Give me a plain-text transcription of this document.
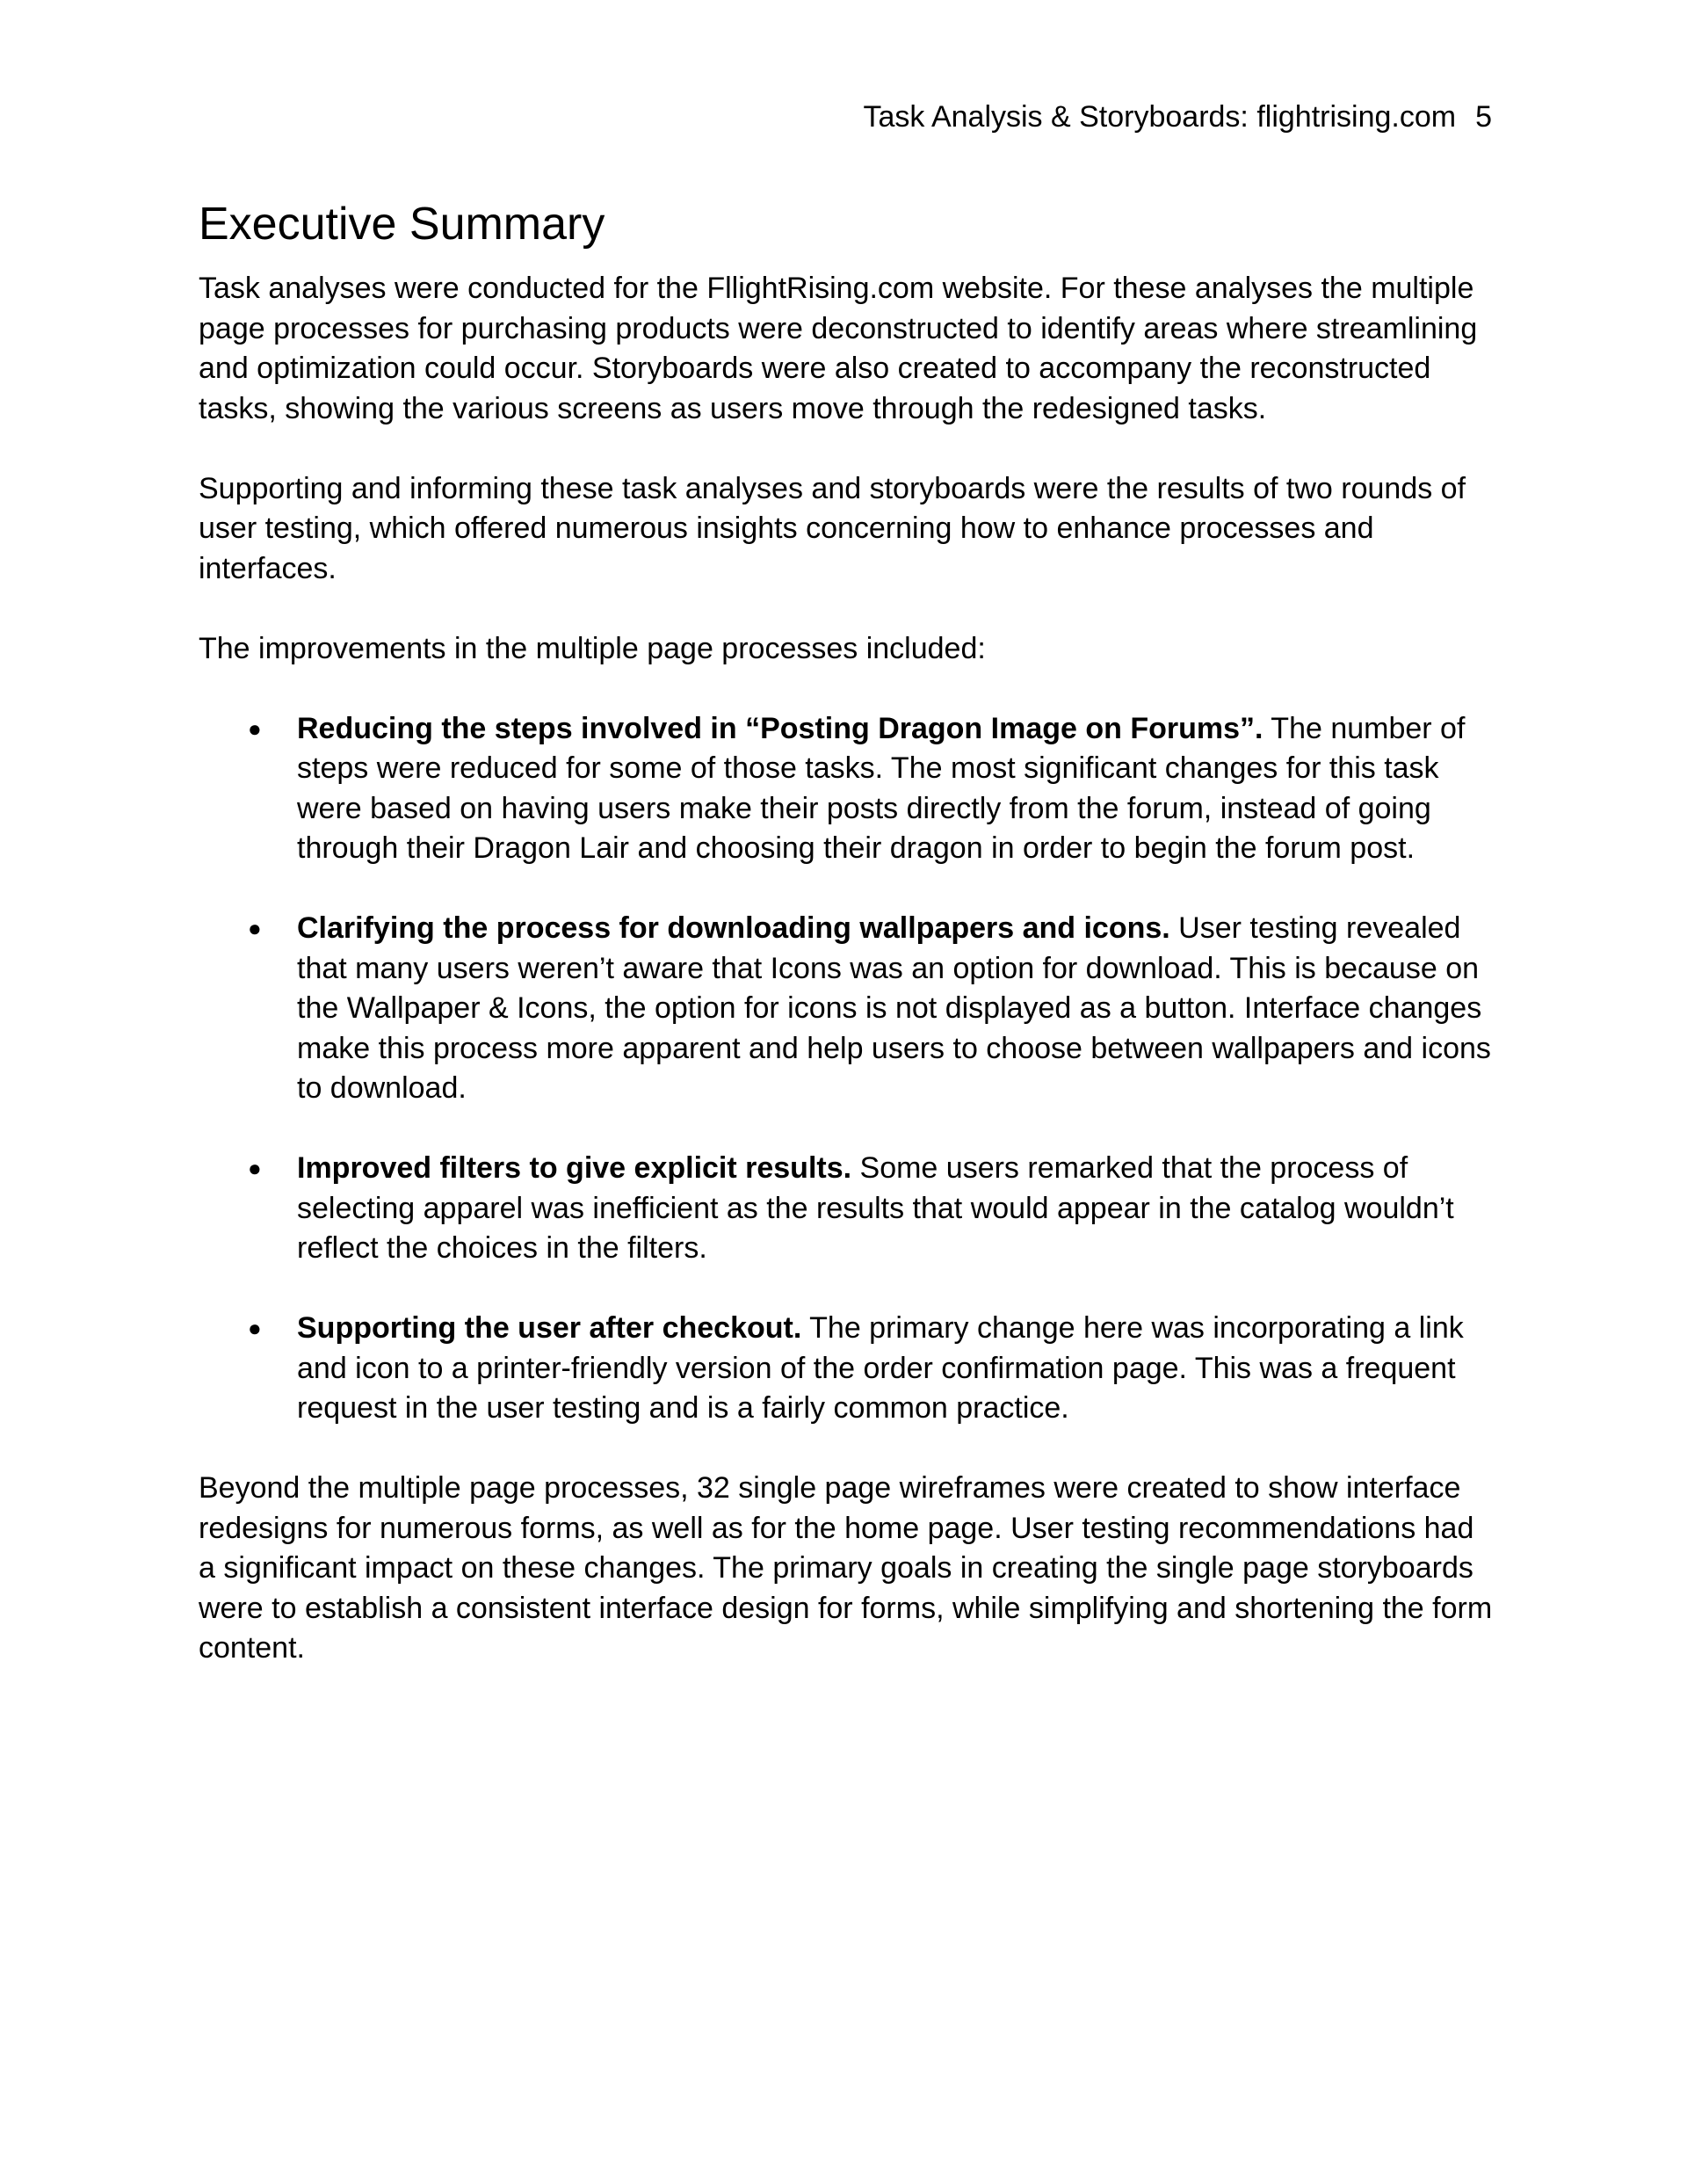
Task Analysis & Storyboards: flightrising.com 5
Executive Summary

Task analyses were conducted for the FllightRising.com website. For these analyses the multiple page processes for purchasing products were deconstructed to identify areas where streamlining and optimization could occur. Storyboards were also created to accompany the reconstructed tasks, showing the various screens as users move through the redesigned tasks.

Supporting and informing these task analyses and storyboards were the results of two rounds of user testing, which offered numerous insights concerning how to enhance processes and interfaces.

The improvements in the multiple page processes included:

● Reducing the steps involved in “Posting Dragon Image on Forums”. The number of steps were reduced for some of those tasks. The most significant changes for this task were based on having users make their posts directly from the forum, instead of going through their Dragon Lair and choosing their dragon in order to begin the forum post.
● Clarifying the process for downloading wallpapers and icons. User testing revealed that many users weren’t aware that Icons was an option for download. This is because on the Wallpaper & Icons, the option for icons is not displayed as a button. Interface changes make this process more apparent and help users to choose between wallpapers and icons to download.
● Improved filters to give explicit results. Some users remarked that the process of selecting apparel was inefficient as the results that would appear in the catalog wouldn’t reflect the choices in the filters.
● Supporting the user after checkout. The primary change here was incorporating a link and icon to a printer-friendly version of the order confirmation page. This was a frequent request in the user testing and is a fairly common practice.

Beyond the multiple page processes, 32 single page wireframes were created to show interface redesigns for numerous forms, as well as for the home page. User testing recommendations had a significant impact on these changes. The primary goals in creating the single page storyboards were to establish a consistent interface design for forms, while simplifying and shortening the form content.
